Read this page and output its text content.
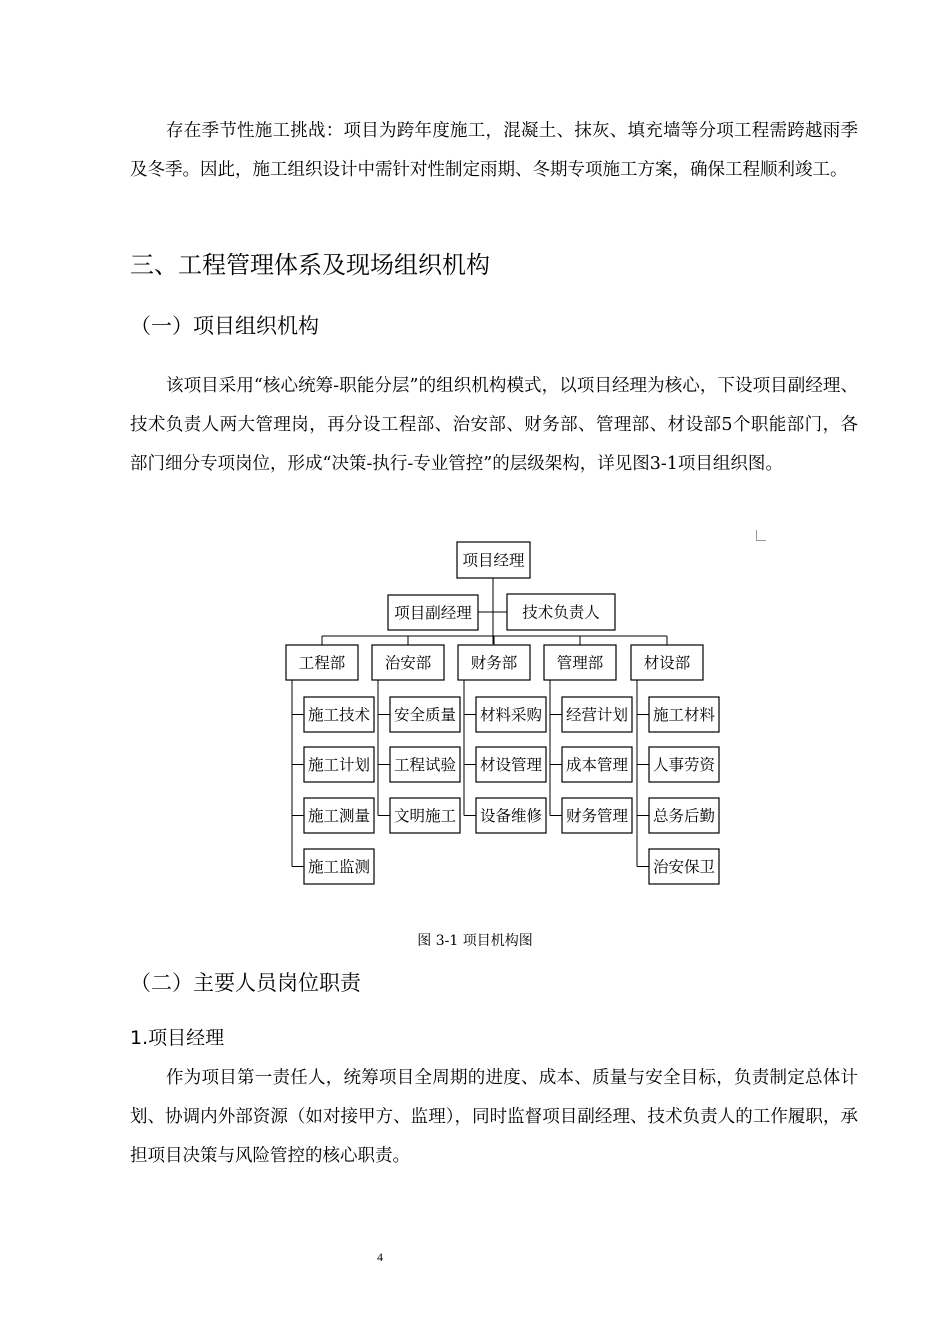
存在季节性施工挑战：项目为跨年度施工，混凝土、抹灰、填充墙等分项工程需跨越雨季及冬季。因此，施工组织设计中需针对性制定雨期、冬期专项施工方案，确保工程顺利竣工。

三、工程管理体系及现场组织机构
（一）项目组织机构

该项目采用“核心统筹-职能分层”的组织机构模式，以项目经理为核心，下设项目副经理、技术负责人两大管理岗，再分设工程部、治安部、财务部、管理部、材设部5个职能部门，各部门细分专项岗位，形成“决策-执行-专业管控”的层级架构，详见图3-1项目组织图。

项目经理
项目副经理	技术负责人
工程部
施工技术
施工计划
施工测量
施工监测
治安部
安全质量
工程试验
文明施工
财务部
材料采购
材设管理
设备维修
管理部
经营计划
成本管理
财务管理
材设部
施工材料
人事劳资
总务后勤
治安保卫

图 3-1 项目机构图

（二）主要人员岗位职责
1.项目经理

作为项目第一责任人，统筹项目全周期的进度、成本、质量与安全目标，负责制定总体计划、协调内外部资源（如对接甲方、监理），同时监督项目副经理、技术负责人的工作履职，承担项目决策与风险管控的核心职责。

4
